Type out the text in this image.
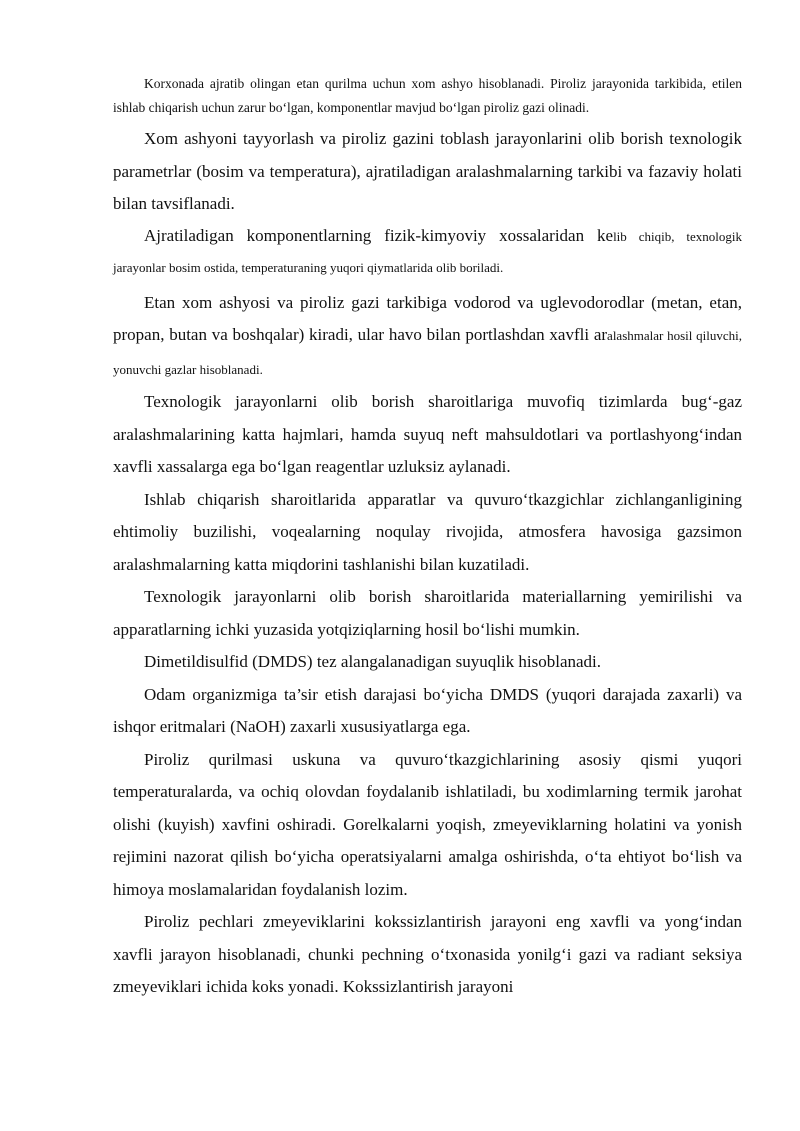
Korxonada ajratib olingan etan qurilma uchun xom ashyo hisoblanadi. Piroliz jarayonida tarkibida, etilen ishlab chiqarish uchun zarur bo‘lgan, komponentlar mavjud bo‘lgan piroliz gazi olinadi.

Xom ashyoni tayyorlash va piroliz gazini toblash jarayonlarini olib borish texnologik parametrlar (bosim va temperatura), ajratiladigan aralashmalarning tarkibi va fazaviy holati bilan tavsiflanadi.

Ajratiladigan komponentlarning fizik-kimyoviy xossalaridan kelib chiqib, texnologik jarayonlar bosim ostida, temperaturaning yuqori qiymatlarida olib boriladi.

Etan xom ashyosi va piroliz gazi tarkibiga vodorod va uglevodorodlar (metan, etan, propan, butan va boshqalar) kiradi, ular havo bilan portlashdan xavfli aralashmalar hosil qiluvchi, yonuvchi gazlar hisoblanadi.

Texnologik jarayonlarni olib borish sharoitlariga muvofiq tizimlarda bug‘-gaz aralashmalarining katta hajmlari, hamda suyuq neft mahsuldotlari va portlashyong‘indan xavfli xassalarga ega bo‘lgan reagentlar uzluksiz aylanadi.

Ishlab chiqarish sharoitlarida apparatlar va quvuro‘tkazgichlar zichlanganligining ehtimoliy buzilishi, voqealarning noqulay rivojida, atmosfera havosiga gazsimon aralashmalarning katta miqdorini tashlanishi bilan kuzatiladi.

Texnologik jarayonlarni olib borish sharoitlarida materiallarning yemirilishi va apparatlarning ichki yuzasida yotqiziqlarning hosil bo‘lishi mumkin.

Dimetildisulfid (DMDS) tez alangalanadigan suyuqlik hisoblanadi.

Odam organizmiga ta’sir etish darajasi bo‘yicha DMDS (yuqori darajada zaxarli) va ishqor eritmalari (NaOH) zaxarli xususiyatlarga ega.

Piroliz qurilmasi uskuna va quvuro‘tkazgichlarining asosiy qismi yuqori temperaturalarda, va ochiq olovdan foydalanib ishlatiladi, bu xodimlarning termik jarohat olishi (kuyish) xavfini oshiradi. Gorelkalarni yoqish, zmeyeviklarning holatini va yonish rejimini nazorat qilish bo‘yicha operatsiyalarni amalga oshirishda, o‘ta ehtiyot bo‘lish va himoya moslamalaridan foydalanish lozim.

Piroliz pechlari zmeyeviklarini kokssizlantirish jarayoni eng xavfli va yong‘indan xavfli jarayon hisoblanadi, chunki pechning o‘txonasida yonilg‘i gazi va radiant seksiya zmeyeviklari ichida koks yonadi. Kokssizlantirish jarayoni
